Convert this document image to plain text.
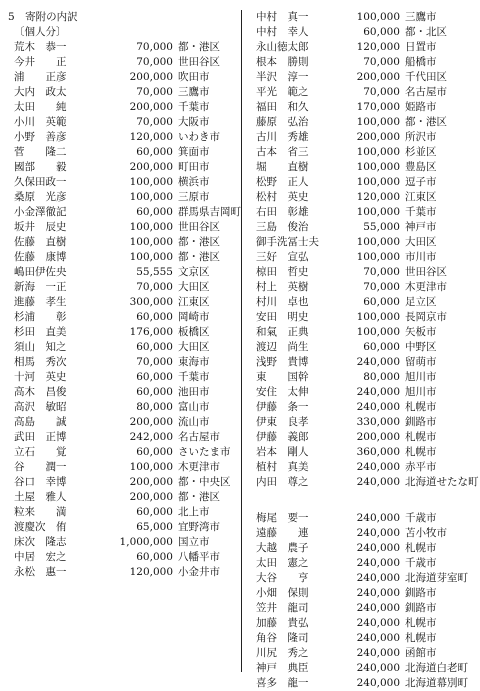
5　寄附の内訳
〔個人分〕
荒木　恭一	70,000 都・港区
今井　　正	70,000 世田谷区
浦　　正彦	200,000 吹田市
大内　政太	70,000 三鷹市
太田　　純	200,000 千葉市
小川　英範	70,000 大阪市
小野　善彦	120,000 いわき市
菅　　隆二	60,000 箕面市
國部　　毅	200,000 町田市
久保田政一	100,000 横浜市
桑原　光彦	100,000 三原市
小金澤徹記	60,000 群馬県吉岡町
坂井　辰史	100,000 世田谷区
佐藤　直樹	100,000 都・港区
佐藤　康博	100,000 都・港区
嶋田伊佐央	55,555 文京区
新海　一正	70,000 大田区
進藤　孝生	300,000 江東区
杉浦　　彰	60,000 岡崎市
杉田　直美	176,000 板橋区
須山　知之	60,000 大田区
相馬　秀次	70,000 東海市
十河　英史	60,000 千葉市
高木　昌俊	60,000 池田市
高沢　敏昭	80,000 富山市
高島　　誠	200,000 流山市
武田　正博	242,000 名古屋市
立石　　覚	60,000 さいたま市
谷　　潤一	100,000 木更津市
谷口　幸博	200,000 都・中央区
土屋　雅人	200,000 都・港区
粒来　　満	60,000 北上市
渡慶次　侑	65,000 宜野湾市
床次　隆志	1,000,000 国立市
中居　宏之	60,000 八幡平市
永松　惠一	120,000 小金井市
中村　真一	100,000 三鷹市
中村　幸人	60,000 都・北区
永山徳太郎	120,000 日置市
根本　勝則	70,000 船橋市
半沢　淳一	200,000 千代田区
平光　範之	70,000 名古屋市
福田　和久	170,000 姫路市
藤原　弘治	100,000 都・港区
古川　秀雄	200,000 所沢市
古本　省三	100,000 杉並区
堀　　直樹	100,000 豊島区
松野　正人	100,000 逗子市
松村　英史	120,000 江東区
右田　彰雄	100,000 千葉市
三島　俊治	55,000 神戸市
御手洗冨士夫	100,000 大田区
三好　宣弘	100,000 市川市
椋田　哲史	70,000 世田谷区
村上　英樹	70,000 木更津市
村川　卓也	60,000 足立区
安田　明史	100,000 長岡京市
和氣　正典	100,000 矢板市
渡辺　尚生	60,000 中野区
浅野　貴博	240,000 留萌市
東　　国幹	80,000 旭川市
安住　太伸	240,000 旭川市
伊藤　条一	240,000 札幌市
伊東　良孝	330,000 釧路市
伊藤　義郎	200,000 札幌市
岩本　剛人	360,000 札幌市
植村　真美	240,000 赤平市
内田　尊之	240,000 北海道せたな町
梅尾　要一	240,000 千歳市
遠藤　　連	240,000 苫小牧市
大越　農子	240,000 札幌市
太田　憲之	240,000 千歳市
大谷　　亨	240,000 北海道芽室町
小畑　保則	240,000 釧路市
笠井　龍司	240,000 釧路市
加藤　貴弘	240,000 札幌市
角谷　隆司	240,000 札幌市
川尻　秀之	240,000 函館市
神戸　典臣	240,000 北海道白老町
喜多　龍一	240,000 北海道幕別町
